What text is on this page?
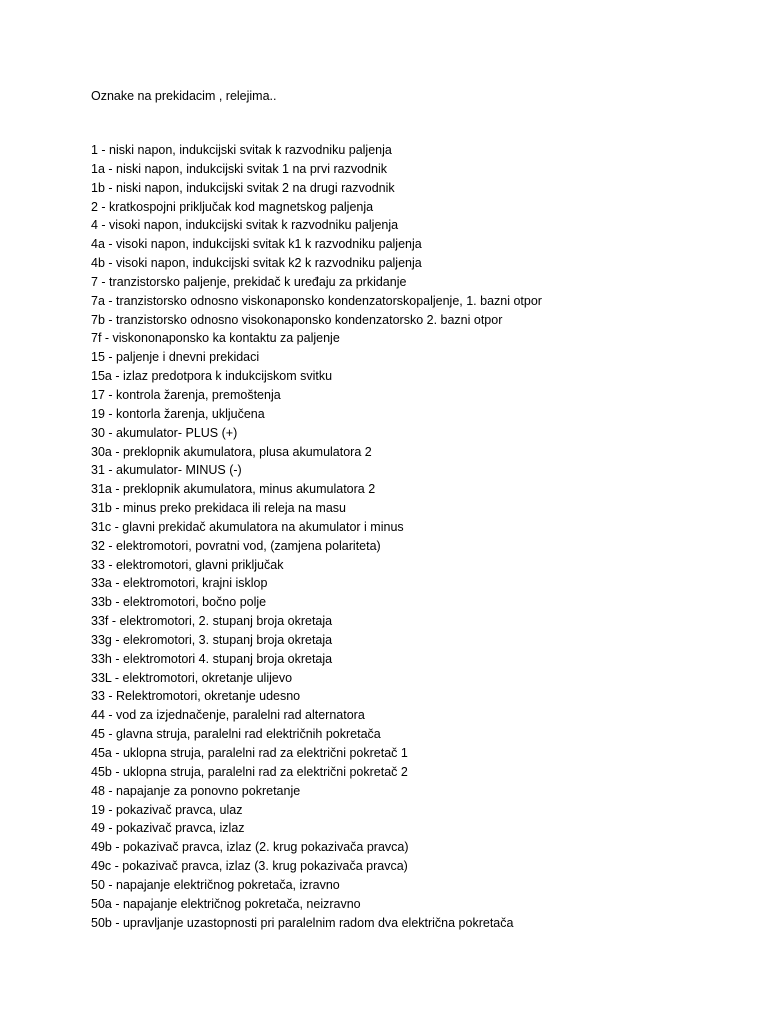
Oznake na prekidacim , relejima..
1 - niski napon, indukcijski svitak k razvodniku paljenja
1a - niski napon, indukcijski svitak 1 na prvi razvodnik
1b - niski napon, indukcijski svitak 2 na drugi razvodnik
2 - kratkospojni priključak kod magnetskog paljenja
4 - visoki napon, indukcijski svitak k razvodniku paljenja
4a - visoki napon, indukcijski svitak k1 k razvodniku paljenja
4b - visoki napon, indukcijski svitak k2 k razvodniku paljenja
7 - tranzistorsko paljenje, prekidač k uređaju za prkidanje
7a - tranzistorsko odnosno viskonaponsko kondenzatorskopaljenje, 1. bazni otpor
7b - tranzistorsko odnosno visokonaponsko kondenzatorsko 2. bazni otpor
7f - viskononaponsko ka kontaktu za paljenje
15 - paljenje i dnevni prekidaci
15a - izlaz predotpora k indukcijskom svitku
17 - kontrola žarenja, premoštenja
19 - kontorla žarenja, uključena
30 - akumulator- PLUS (+)
30a - preklopnik akumulatora, plusa akumulatora 2
31 - akumulator- MINUS (-)
31a - preklopnik akumulatora, minus akumulatora 2
31b - minus preko prekidaca ili releja na masu
31c - glavni prekidač akumulatora na akumulator i minus
32 - elektromotori, povratni vod, (zamjena polariteta)
33 - elektromotori, glavni priključak
33a - elektromotori, krajni isklop
33b - elektromotori, bočno polje
33f - elektromotori, 2. stupanj broja okretaja
33g - elekromotori, 3. stupanj broja okretaja
33h - elektromotori 4. stupanj broja okretaja
33L - elektromotori, okretanje ulijevo
33 - Relektromotori, okretanje udesno
44 - vod za izjednačenje, paralelni rad alternatora
45 - glavna struja, paralelni rad električnih pokretača
45a - uklopna struja, paralelni rad za električni pokretač 1
45b - uklopna struja, paralelni rad za električni pokretač 2
48 - napajanje za ponovno pokretanje
19 - pokazivač pravca, ulaz
49 - pokazivač pravca, izlaz
49b - pokazivač pravca, izlaz (2. krug pokazivača pravca)
49c - pokazivač pravca, izlaz (3. krug pokazivača pravca)
50 - napajanje električnog pokretača, izravno
50a - napajanje električnog pokretača, neizravno
50b - upravljanje uzastopnosti pri paralelnim radom dva električna pokretača
